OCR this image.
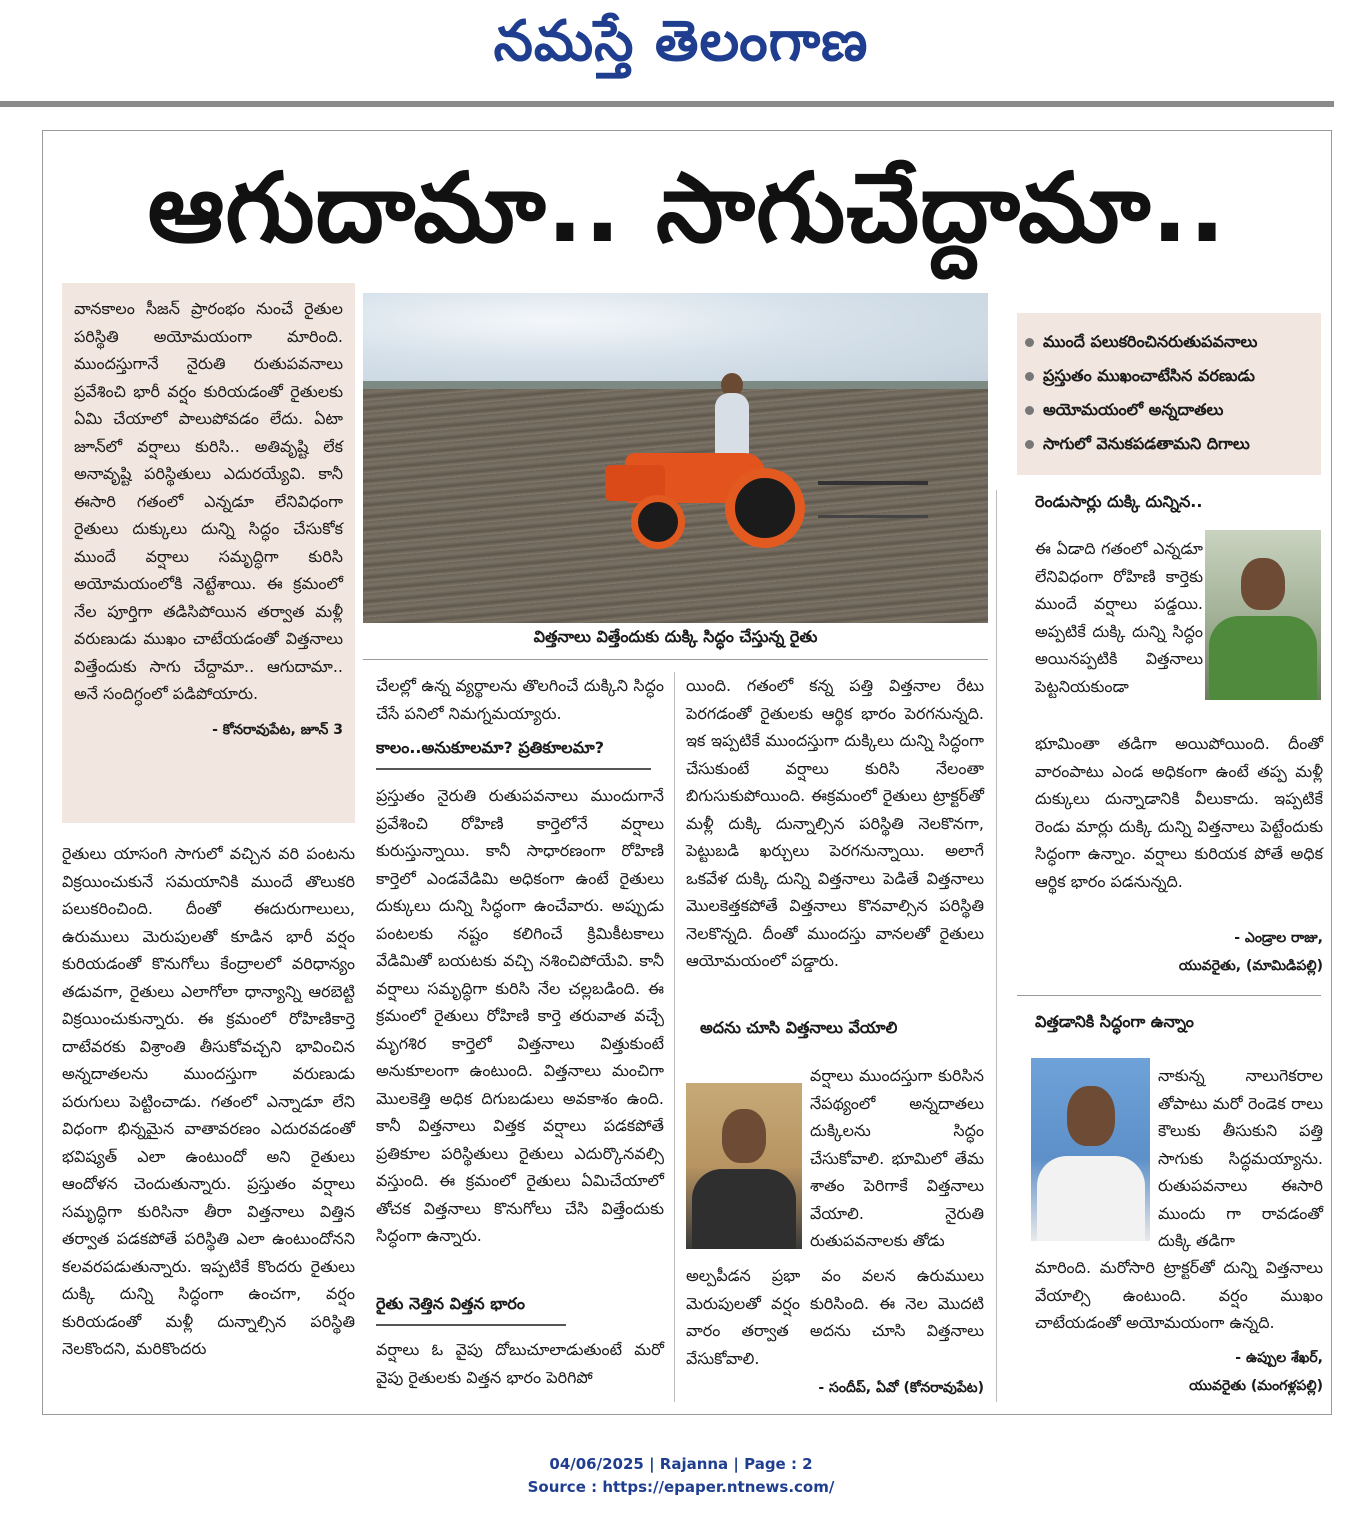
నమస్తే తెలంగాణ
ఆగుదామా.. సాగుచేద్దామా..
వానకాలం సీజన్ ప్రారంభం నుంచే రైతుల పరిస్థితి అయోమయంగా మారింది. ముందస్తుగానే నైరుతి రుతుపవనాలు ప్రవేశించి భారీ వర్షం కురియడంతో రైతులకు ఏమి చేయాలో పాలుపోవడం లేదు. ఏటా జూన్‌లో వర్షాలు కురిసి.. అతివృష్టి లేక అనావృష్టి పరిస్థితులు ఎదురయ్యేవి. కానీ ఈసారి గతంలో ఎన్నడూ లేనివిధంగా రైతులు దుక్కులు దున్ని సిద్ధం చేసుకోక ముందే వర్షాలు సమృద్ధిగా కురిసి అయోమయంలోకి నెట్టేశాయి. ఈ క్రమంలో నేల పూర్తిగా తడిసిపోయిన తర్వాత మళ్లీ వరుణుడు ముఖం చాటేయడంతో విత్తనాలు విత్తేందుకు సాగు చేద్దామా.. ఆగుదామా.. అనే సందిగ్ధంలో పడిపోయారు.
- కోనరావుపేట, జూన్ 3
విత్తనాలు విత్తేందుకు దుక్కి సిద్ధం చేస్తున్న రైతు
ముందే పలుకరించినరుతుపవనాలు
ప్రస్తుతం ముఖంచాటేసిన వరణుడు
అయోమయంలో అన్నదాతలు
సాగులో వెనుకపడతామని దిగాలు
రైతులు యాసంగి సాగులో వచ్చిన వరి పంటను విక్రయించుకునే సమయానికి ముందే తొలుకరి పలుకరించింది. దీంతో ఈదురుగాలులు, ఉరుములు మెరుపులతో కూడిన భారీ వర్షం కురియడంతో కొనుగోలు కేంద్రాలలో వరిధాన్యం తడువగా, రైతులు ఎలాగోలా ధాన్యాన్ని ఆరబెట్టి విక్రయించుకున్నారు. ఈ క్రమంలో రోహిణికార్తె దాటేవరకు విశ్రాంతి తీసుకోవచ్చని భావించిన అన్నదాతలను ముందస్తుగా వరుణుడు పరుగులు పెట్టించాడు. గతంలో ఎన్నాడూ లేని విధంగా భిన్నమైన వాతావరణం ఎదురవడంతో భవిష్యత్ ఎలా ఉంటుందో అని రైతులు ఆందోళన చెందుతున్నారు. ప్రస్తుతం వర్షాలు సమృద్ధిగా కురిసినా తీరా విత్తనాలు విత్తిన తర్వాత పడకపోతే పరిస్థితి ఎలా ఉంటుందోనని కలవరపడుతున్నారు. ఇప్పటికే కొందరు రైతులు దుక్కి దున్ని సిద్ధంగా ఉంచగా, వర్షం కురియడంతో మళ్లీ దున్నాల్సిన పరిస్థితి నెలకొందని, మరికొందరు
చేలల్లో ఉన్న వ్యర్థాలను తొలగించే దుక్కిని సిద్ధం చేసే పనిలో నిమగ్నమయ్యారు.
కాలం..అనుకూలమా? ప్రతికూలమా?
ప్రస్తుతం నైరుతి రుతుపవనాలు ముందుగానే ప్రవేశించి రోహిణి కార్తెలోనే వర్షాలు కురుస్తున్నాయి. కానీ సాధారణంగా రోహిణి కార్తెలో ఎండవేడిమి అధికంగా ఉంటే రైతులు దుక్కులు దున్ని సిద్ధంగా ఉంచేవారు. అప్పుడు పంటలకు నష్టం కలిగించే క్రిమికీటకాలు వేడిమితో బయటకు వచ్చి నశించిపోయేవి. కానీ వర్షాలు సమృద్ధిగా కురిసి నేల చల్లబడింది. ఈ క్రమంలో రైతులు రోహిణి కార్తె తరువాత వచ్చే మృగశిర కార్తెలో విత్తనాలు విత్తుకుంటే అనుకూలంగా ఉంటుంది. విత్తనాలు మంచిగా మొలకెత్తి అధిక దిగుబడులు అవకాశం ఉంది. కానీ విత్తనాలు విత్తక వర్షాలు పడకపోతే ప్రతికూల పరిస్థితులు రైతులు ఎదుర్కొనవల్సి వస్తుంది. ఈ క్రమంలో రైతులు ఏమిచేయాలో తోచక విత్తనాలు కొనుగోలు చేసి విత్తేందుకు సిద్ధంగా ఉన్నారు.
రైతు నెత్తిన విత్తన భారం
వర్షాలు ఓ వైపు దోబుచూలాడుతుంటే మరో వైపు రైతులకు విత్తన భారం పెరిగిపో
యింది. గతంలో కన్న పత్తి విత్తనాల రేటు పెరగడంతో రైతులకు ఆర్థిక భారం పెరగనున్నది. ఇక ఇప్పటికే ముందస్తుగా దుక్కిలు దున్ని సిద్ధంగా చేసుకుంటే వర్షాలు కురిసి నేలంతా బిగుసుకుపోయింది. ఈక్రమంలో రైతులు ట్రాక్టర్‌తో మళ్లీ దుక్కి దున్నాల్సిన పరిస్థితి నెలకొనగా, పెట్టుబడి ఖర్చులు పెరగనున్నాయి. అలాగే ఒకవేళ దుక్కి దున్ని విత్తనాలు పెడితే విత్తనాలు మొలకెత్తకపోతే విత్తనాలు కొనవాల్సిన పరిస్థితి నెలకొన్నది. దీంతో ముందస్తు వానలతో రైతులు ఆయోమయంలో పడ్డారు.
అదను చూసి విత్తనాలు వేయాలి
వర్షాలు ముందస్తుగా కురిసిన నేపథ్యంలో అన్నదాతలు దుక్కిలను సిద్ధం చేసుకోవాలి. భూమిలో తేమ శాతం పెరిగాకే విత్తనాలు వేయాలి. నైరుతి రుతుపవనాలకు తోడు
అల్పపీడన ప్రభా వం వలన ఉరుములు మెరుపులతో వర్షం కురిసింది. ఈ నెల మొదటి వారం తర్వాత అదను చూసి విత్తనాలు వేసుకోవాలి.
- సందీప్, ఏవో (కోనరావుపేట)
రెండుసార్లు దుక్కి దున్నిన..
ఈ ఏడాది గతంలో ఎన్నడూ లేనివిధంగా రోహిణి కార్తెకు ముందే వర్షాలు పడ్డయి. అప్పటికే దుక్కి దున్ని సిద్ధం అయినప్పటికి విత్తనాలు పెట్టనియకుండా
భూమింతా తడిగా అయిపోయింది. దీంతో వారంపాటు ఎండ అధికంగా ఉంటే తప్ప మళ్లీ దుక్కులు దున్నాడానికి వీలుకాదు. ఇప్పటికే రెండు మార్లు దుక్కి దున్ని విత్తనాలు పెట్టేందుకు సిద్ధంగా ఉన్నాం. వర్షాలు కురియక పోతే అధిక ఆర్థిక భారం పడనున్నది.
- ఎండ్రాల రాజు,
యువరైతు, (మామిడిపల్లి)
విత్తడానికి సిద్ధంగా ఉన్నాం
నాకున్న నాలుగెకరాల తోపాటు మరో రెండెక రాలు కౌలుకు తీసుకుని పత్తి సాగుకు సిద్ధమయ్యాను. రుతుపవనాలు ఈసారి ముందు గా రావడంతో దుక్కి తడిగా
మారింది. మరోసారి ట్రాక్టర్‌తో దున్ని విత్తనాలు వేయాల్సి ఉంటుంది. వర్షం ముఖం చాటేయడంతో అయోమయంగా ఉన్నది.
- ఉప్పుల శేఖర్,
యువరైతు (మంగళ్లపల్లి)
04/06/2025 | Rajanna | Page : 2
Source : https://epaper.ntnews.com/
